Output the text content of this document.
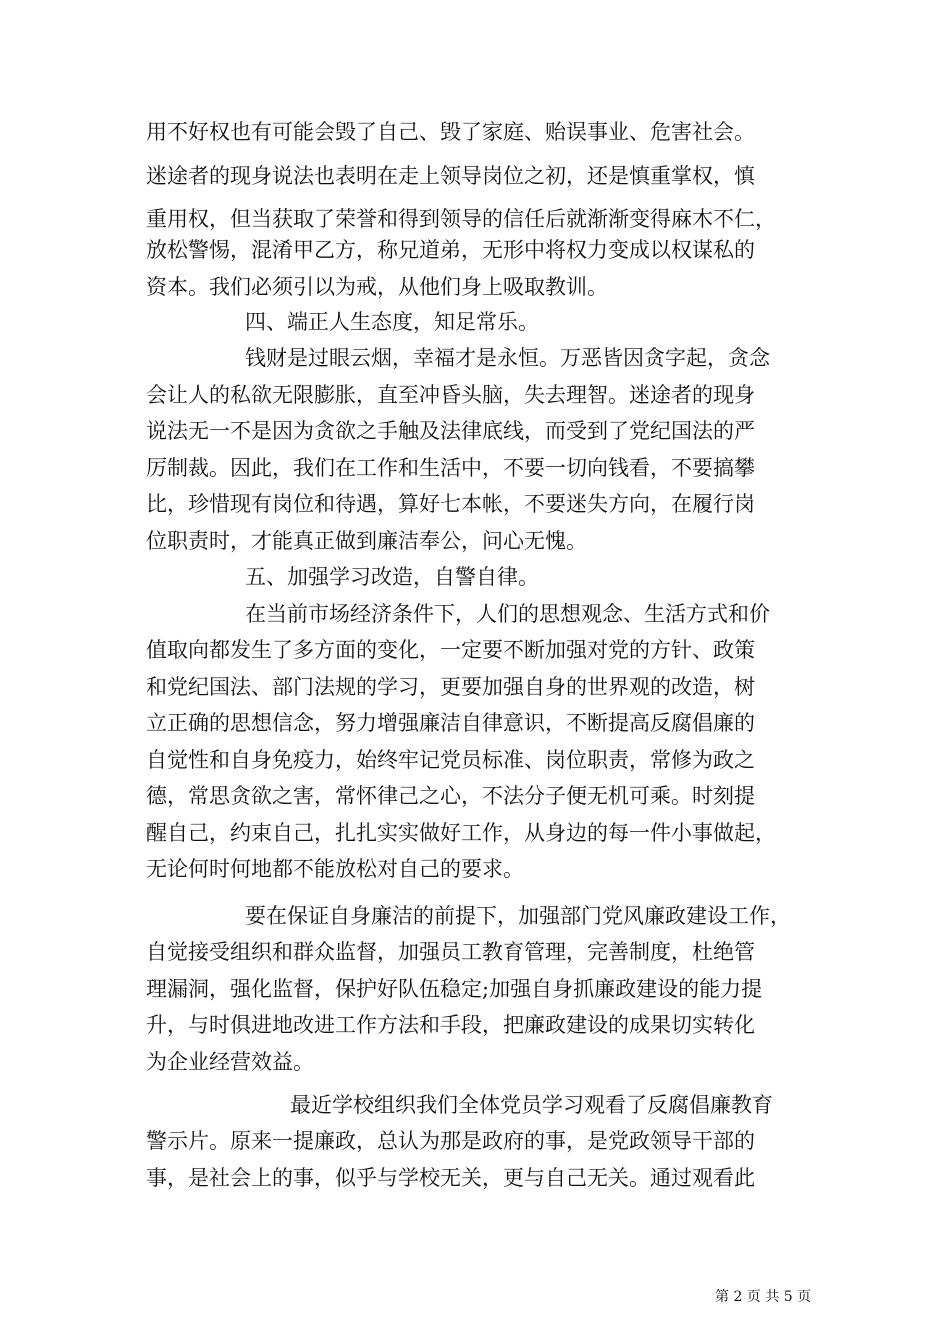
用不好权也有可能会毁了自己、毁了家庭、贻误事业、危害社会。
迷途者的现身说法也表明在走上领导岗位之初，还是慎重掌权，慎
重用权，但当获取了荣誉和得到领导的信任后就渐渐变得麻木不仁，
放松警惕，混淆甲乙方，称兄道弟，无形中将权力变成以权谋私的
资本。我们必须引以为戒，从他们身上吸取教训。
四、端正人生态度，知足常乐。
钱财是过眼云烟，幸福才是永恒。万恶皆因贪字起，贪念
会让人的私欲无限膨胀，直至冲昏头脑，失去理智。迷途者的现身
说法无一不是因为贪欲之手触及法律底线，而受到了党纪国法的严
厉制裁。因此，我们在工作和生活中，不要一切向钱看，不要搞攀
比，珍惜现有岗位和待遇，算好七本帐，不要迷失方向，在履行岗
位职责时，才能真正做到廉洁奉公，问心无愧。
五、加强学习改造，自警自律。
在当前市场经济条件下，人们的思想观念、生活方式和价
值取向都发生了多方面的变化，一定要不断加强对党的方针、政策
和党纪国法、部门法规的学习，更要加强自身的世界观的改造，树
立正确的思想信念，努力增强廉洁自律意识，不断提高反腐倡廉的
自觉性和自身免疫力，始终牢记党员标准、岗位职责，常修为政之
德，常思贪欲之害，常怀律己之心，不法分子便无机可乘。时刻提
醒自己，约束自己，扎扎实实做好工作，从身边的每一件小事做起，
无论何时何地都不能放松对自己的要求。
要在保证自身廉洁的前提下，加强部门党风廉政建设工作，
自觉接受组织和群众监督，加强员工教育管理，完善制度，杜绝管
理漏洞，强化监督，保护好队伍稳定;加强自身抓廉政建设的能力提
升，与时俱进地改进工作方法和手段，把廉政建设的成果切实转化
为企业经营效益。
最近学校组织我们全体党员学习观看了反腐倡廉教育
警示片。原来一提廉政，总认为那是政府的事，是党政领导干部的
事，是社会上的事，似乎与学校无关，更与自己无关。通过观看此
第 2 页 共 5 页
